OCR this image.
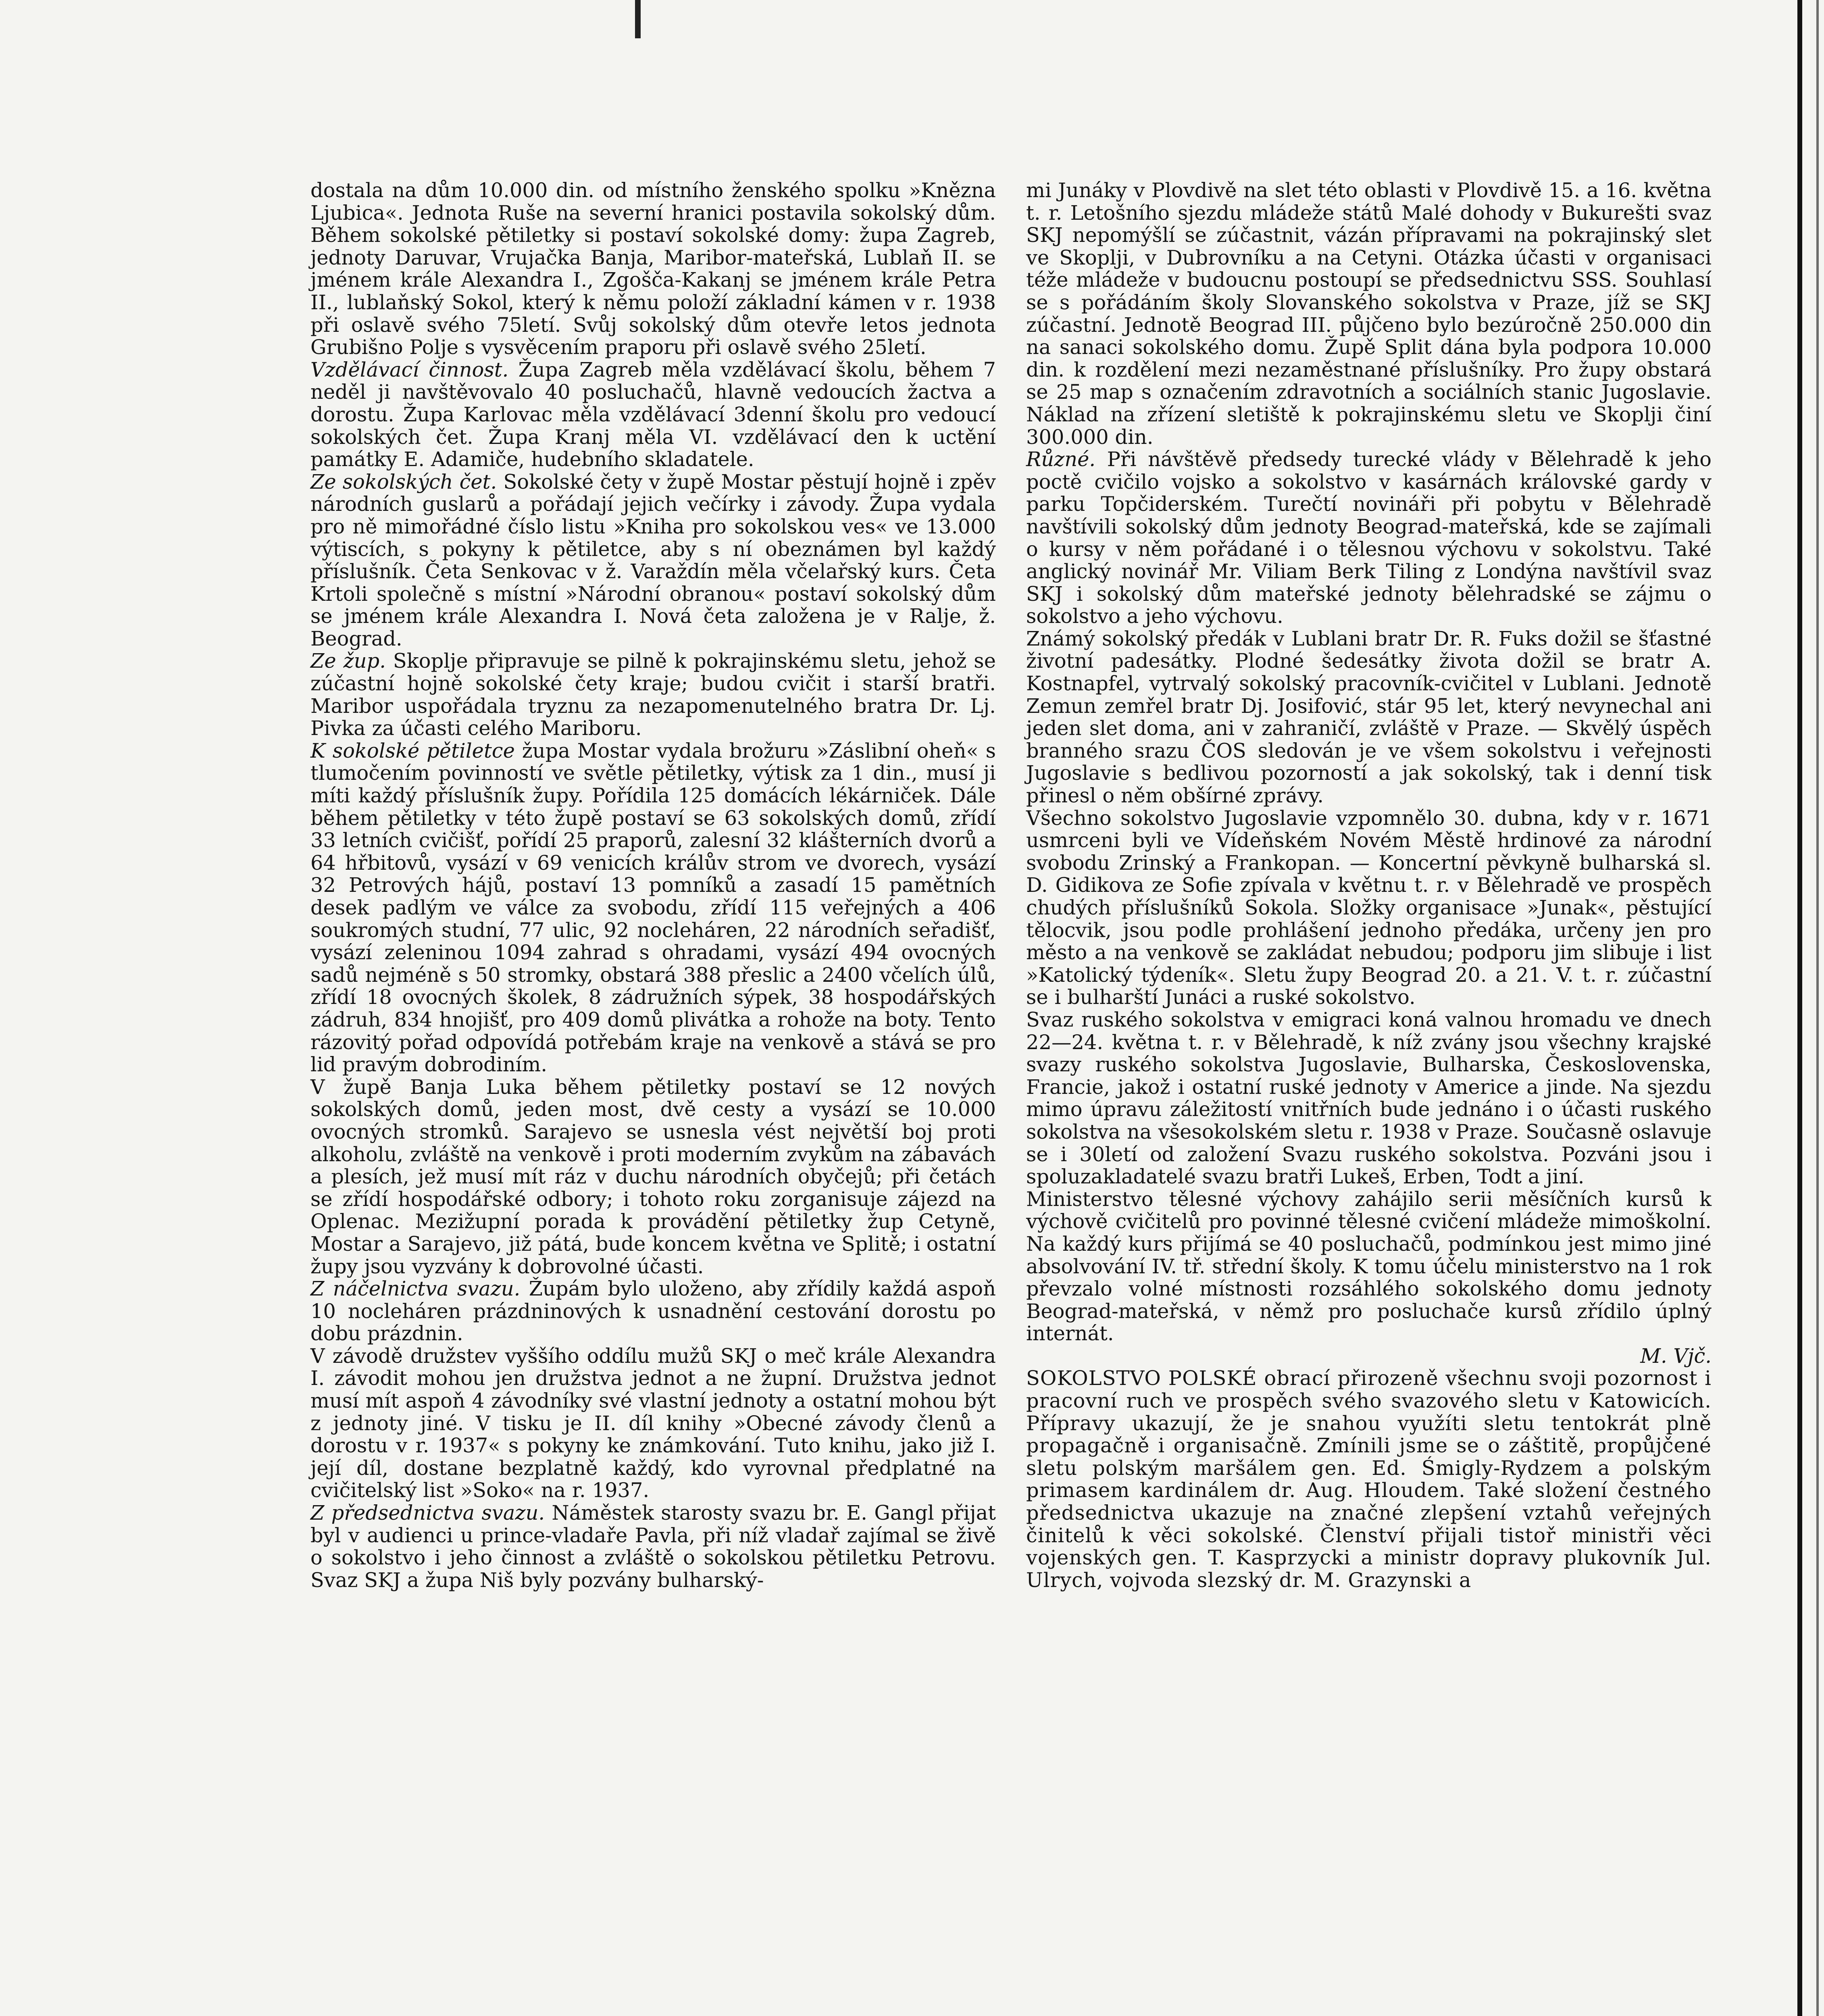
dostala na dům 10.000 din. od místního ženského spolku »Knězna Ljubica«. Jednota Ruše na severní hranici postavila sokolský dům. Během sokolské pětiletky si postaví sokolské domy: župa Zagreb, jednoty Daruvar, Vrujačka Banja, Maribor-mateřská, Lublaň II. se jménem krále Alexandra I., Zgošča-Kakanj se jménem krále Petra II., lublaňský Sokol, který k němu položí základní kámen v r. 1938 při oslavě svého 75letí. Svůj sokolský dům otevře letos jednota Grubišno Polje s vysvěcením praporu při oslavě svého 25letí.

Vzdělávací činnost. Župa Zagreb měla vzdělávací školu, během 7 neděl ji navštěvovalo 40 posluchačů, hlavně vedoucích žactva a dorostu. Župa Karlovac měla vzdělávací 3denní školu pro vedoucí sokolských čet. Župa Kranj měla VI. vzdělávací den k uctění památky E. Adamiče, hudebního skladatele.

Ze sokolských čet. Sokolské čety v župě Mostar pěstují hojně i zpěv národních guslarů a pořádají jejich večírky i závody. Župa vydala pro ně mimořádné číslo listu »Kniha pro sokolskou ves« ve 13.000 výtiscích, s pokyny k pětiletce, aby s ní obeznámen byl každý příslušník. Četa Senkovac v ž. Varaždín měla včelařský kurs. Četa Krtoli společně s místní »Národní obranou« postaví sokolský dům se jménem krále Alexandra I. Nová četa založena je v Ralje, ž. Beograd.

Ze žup. Skoplje připravuje se pilně k pokrajinskému sletu, jehož se zúčastní hojně sokolské čety kraje; budou cvičit i starší bratři. Maribor uspořádala tryznu za nezapomenutelného bratra Dr. Lj. Pivka za účasti celého Mariboru.

K sokolské pětiletce župa Mostar vydala brožuru »Záslibní oheň« s tlumočením povinností ve světle pětiletky, výtisk za 1 din., musí ji míti každý příslušník župy. Pořídila 125 domácích lékárniček. Dále během pětiletky v této župě postaví se 63 sokolských domů, zřídí 33 letních cvičišť, pořídí 25 praporů, zalesní 32 klášterních dvorů a 64 hřbitovů, vysází v 69 venicích králův strom ve dvorech, vysází 32 Petrových hájů, postaví 13 pomníků a zasadí 15 pamětních desek padlým ve válce za svobodu, zřídí 115 veřejných a 406 soukromých studní, 77 ulic, 92 nocleháren, 22 národních seřadišť, vysází zeleninou 1094 zahrad s ohradami, vysází 494 ovocných sadů nejméně s 50 stromky, obstará 388 přeslic a 2400 včelích úlů, zřídí 18 ovocných školek, 8 zádružních sýpek, 38 hospodářských zádruh, 834 hnojišť, pro 409 domů plivátka a rohože na boty. Tento rázovitý pořad odpovídá potřebám kraje na venkově a stává se pro lid pravým dobrodiním.

V župě Banja Luka během pětiletky postaví se 12 nových sokolských domů, jeden most, dvě cesty a vysází se 10.000 ovocných stromků. Sarajevo se usnesla vést největší boj proti alkoholu, zvláště na venkově i proti moderním zvykům na zábavách a plesích, jež musí mít ráz v duchu národních obyčejů; při četách se zřídí hospodářské odbory; i tohoto roku zorganisuje zájezd na Oplenac. Mezižupní porada k provádění pětiletky žup Cetyně, Mostar a Sarajevo, již pátá, bude koncem května ve Splitě; i ostatní župy jsou vyzvány k dobrovolné účasti.

Z náčelnictva svazu. Župám bylo uloženo, aby zřídily každá aspoň 10 nocleháren prázdninových k usnadnění cestování dorostu po dobu prázdnin.

V závodě družstev vyššího oddílu mužů SKJ o meč krále Alexandra I. závodit mohou jen družstva jednot a ne župní. Družstva jednot musí mít aspoň 4 závodníky své vlastní jednoty a ostatní mohou být z jednoty jiné. V tisku je II. díl knihy »Obecné závody členů a dorostu v r. 1937« s pokyny ke známkování. Tuto knihu, jako již I. její díl, dostane bezplatně každý, kdo vyrovnal předplatné na cvičitelský list »Soko« na r. 1937.

Z předsednictva svazu. Náměstek starosty svazu br. E. Gangl přijat byl v audienci u prince-vladaře Pavla, při níž vladař zajímal se živě o sokolstvo i jeho činnost a zvláště o sokolskou pětiletku Petrovu. Svaz SKJ a župa Niš byly pozvány bulharský-

mi Junáky v Plovdivě na slet této oblasti v Plovdivě 15. a 16. května t. r. Letošního sjezdu mládeže států Malé dohody v Bukurešti svaz SKJ nepomýšlí se zúčastnit, vázán přípravami na pokrajinský slet ve Skoplji, v Dubrovníku a na Cetyni. Otázka účasti v organisaci téže mládeže v budoucnu postoupí se předsednictvu SSS. Souhlasí se s pořádáním školy Slovanského sokolstva v Praze, jíž se SKJ zúčastní. Jednotě Beograd III. půjčeno bylo bezúročně 250.000 din na sanaci sokolského domu. Župě Split dána byla podpora 10.000 din. k rozdělení mezi nezaměstnané příslušníky. Pro župy obstará se 25 map s označením zdravotních a sociálních stanic Jugoslavie. Náklad na zřízení sletiště k pokrajinskému sletu ve Skoplji činí 300.000 din.

Různé. Při návštěvě předsedy turecké vlády v Bělehradě k jeho poctě cvičilo vojsko a sokolstvo v kasárnách královské gardy v parku Topčiderském. Turečtí novináři při pobytu v Bělehradě navštívili sokolský dům jednoty Beograd-mateřská, kde se zajímali o kursy v něm pořádané i o tělesnou výchovu v sokolstvu. Také anglický novinář Mr. Viliam Berk Tiling z Londýna navštívil svaz SKJ i sokolský dům mateřské jednoty bělehradské se zájmu o sokolstvo a jeho výchovu.

Známý sokolský předák v Lublani bratr Dr. R. Fuks dožil se šťastné životní padesátky. Plodné šedesátky života dožil se bratr A. Kostnapfel, vytrvalý sokolský pracovník-cvičitel v Lublani. Jednotě Zemun zemřel bratr Dj. Josifović, stár 95 let, který nevynechal ani jeden slet doma, ani v zahraničí, zvláště v Praze. — Skvělý úspěch branného srazu ČOS sledován je ve všem sokolstvu i veřejnosti Jugoslavie s bedlivou pozorností a jak sokolský, tak i denní tisk přinesl o něm obšírné zprávy.

Všechno sokolstvo Jugoslavie vzpomnělo 30. dubna, kdy v r. 1671 usmrceni byli ve Vídeňském Novém Městě hrdinové za národní svobodu Zrinský a Frankopan. — Koncertní pěvkyně bulharská sl. D. Gidikova ze Sofie zpívala v květnu t. r. v Bělehradě ve prospěch chudých příslušníků Sokola. Složky organisace »Junak«, pěstující tělocvik, jsou podle prohlášení jednoho předáka, určeny jen pro město a na venkově se zakládat nebudou; podporu jim slibuje i list »Katolický týdeník«. Sletu župy Beograd 20. a 21. V. t. r. zúčastní se i bulharští Junáci a ruské sokolstvo.

Svaz ruského sokolstva v emigraci koná valnou hromadu ve dnech 22—24. května t. r. v Bělehradě, k níž zvány jsou všechny krajské svazy ruského sokolstva Jugoslavie, Bulharska, Československa, Francie, jakož i ostatní ruské jednoty v Americe a jinde. Na sjezdu mimo úpravu záležitostí vnitřních bude jednáno i o účasti ruského sokolstva na všesokolském sletu r. 1938 v Praze. Současně oslavuje se i 30letí od založení Svazu ruského sokolstva. Pozváni jsou i spoluzakladatelé svazu bratři Lukeš, Erben, Todt a jiní.

Ministerstvo tělesné výchovy zahájilo serii měsíčních kursů k výchově cvičitelů pro povinné tělesné cvičení mládeže mimoškolní. Na každý kurs přijímá se 40 posluchačů, podmínkou jest mimo jiné absolvování IV. tř. střední školy. K tomu účelu ministerstvo na 1 rok převzalo volné místnosti rozsáhlého sokolského domu jednoty Beograd-mateřská, v němž pro posluchače kursů zřídilo úplný internát.

M. Vjč.

SOKOLSTVO POLSKÉ obrací přirozeně všechnu svoji pozornost i pracovní ruch ve prospěch svého svazového sletu v Katowicích. Přípravy ukazují, že je snahou využíti sletu tentokrát plně propagačně i organisačně. Zmínili jsme se o záštitě, propůjčené sletu polským maršálem gen. Ed. Śmigly-Rydzem a polským primasem kardinálem dr. Aug. Hloudem. Také složení čestného předsednictva ukazuje na značné zlepšení vztahů veřejných činitelů k věci sokolské. Členství přijali tistoř ministři věci vojenských gen. T. Kasprzycki a ministr dopravy plukovník Jul. Ulrych, vojvoda slezský dr. M. Grazynski a
